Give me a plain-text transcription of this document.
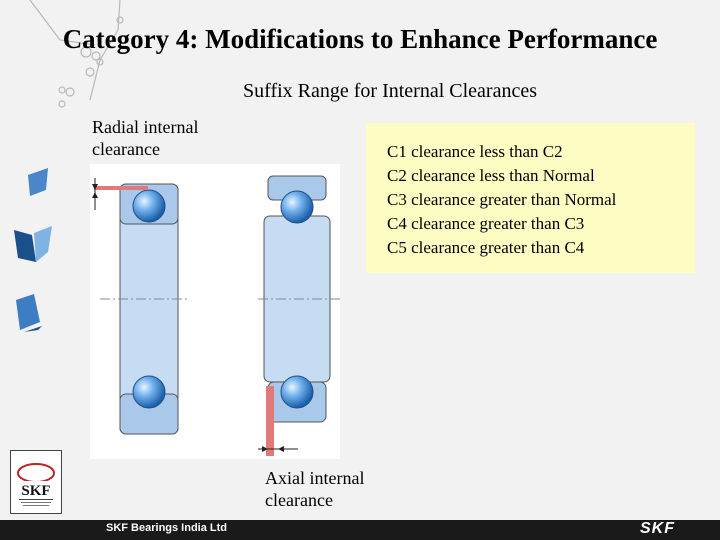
Category 4: Modifications to Enhance Performance
Suffix Range for Internal Clearances
Radial internal
clearance	C1 clearance less than C2
C2 clearance less than Normal
C3 clearance greater than Normal
C4 clearance greater than C3
C5 clearance greater than C4
Axial internal
clearance
SKF
SKF Bearings India Ltd	SKF
